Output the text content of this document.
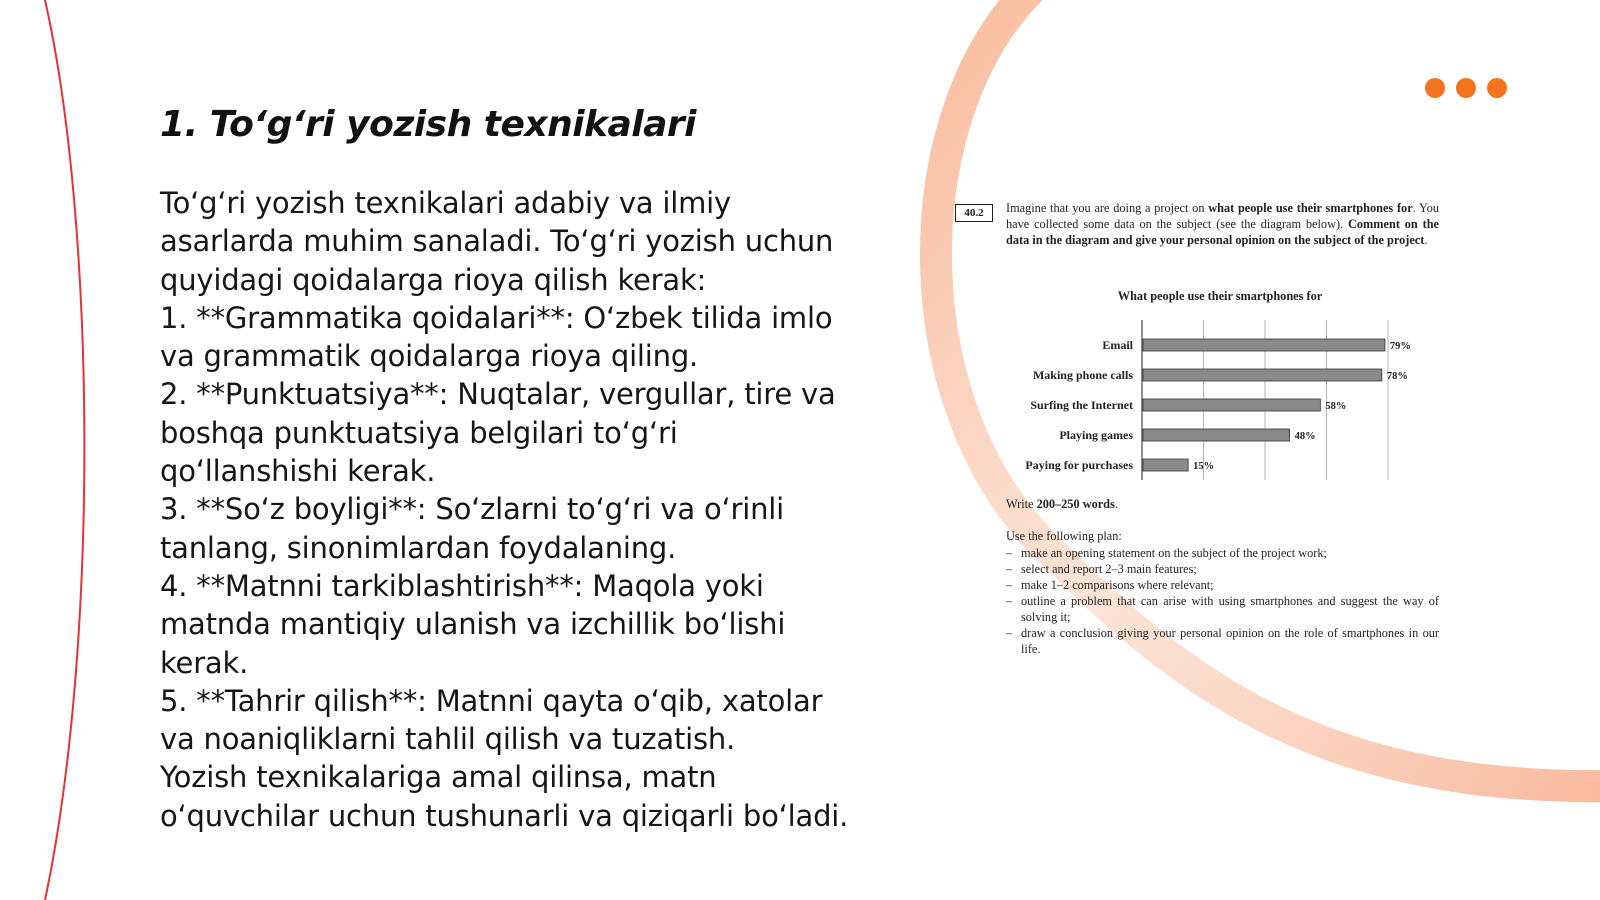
1. To‘g‘ri yozish texnikalari

To‘g‘ri yozish texnikalari adabiy va ilmiy asarlarda muhim sanaladi. To‘g‘ri yozish uchun quyidagi qoidalarga rioya qilish kerak:

1. **Grammatika qoidalari**: O‘zbek tilida imlo va grammatik qoidalarga rioya qiling.

2. **Punktuatsiya**: Nuqtalar, vergullar, tire va boshqa punktuatsiya belgilari to‘g‘ri qo‘llanshishi kerak.

3. **So‘z boyligi**: So‘zlarni to‘g‘ri va o‘rinli tanlang, sinonimlardan foydalaning.

4. **Matnni tarkiblashtirish**: Maqola yoki matnda mantiqiy ulanish va izchillik bo‘lishi kerak.

5. **Tahrir qilish**: Matnni qayta o‘qib, xatolar va noaniqliklarni tahlil qilish va tuzatish.

Yozish texnikalariga amal qilinsa, matn o‘quvchilar uchun tushunarli va qiziqarli bo‘ladi.

40.2	Imagine that you are doing a project on what people use their smartphones for. You have collected some data on the subject (see the diagram below). Comment on the data in the diagram and give your personal opinion on the subject of the project.
What people use their smartphones for
Email	79%
Making phone calls	78%
Surfing the Internet	58%
Playing games	48%
Paying for purchases	15%
Write 200–250 words.
Use the following plan:
– make an opening statement on the subject of the project work;
– select and report 2–3 main features;
– make 1–2 comparisons where relevant;
– outline a problem that can arise with using smartphones and suggest the way of solving it;
– draw a conclusion giving your personal opinion on the role of smartphones in our life.
